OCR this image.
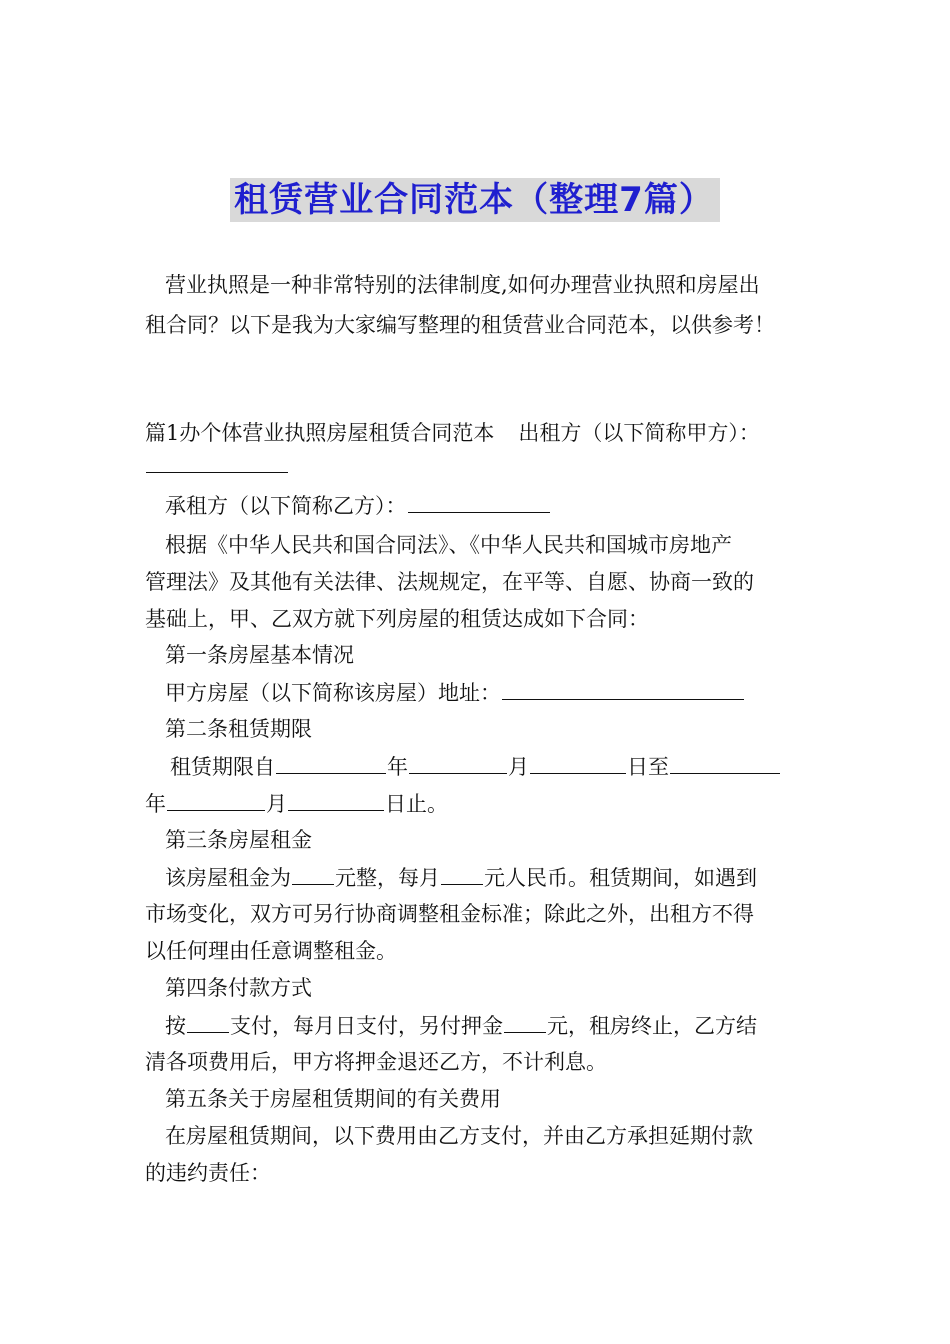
租赁营业合同范本（整理7篇）
营业执照是一种非常特别的法律制度,如何办理营业执照和房屋出
租合同？以下是我为大家编写整理的租赁营业合同范本，以供参考！
篇1办个体营业执照房屋租赁合同范本 出租方（以下简称甲方）：
承租方（以下简称乙方）：
根据《中华人民共和国合同法》、《中华人民共和国城市房地产
管理法》及其他有关法律、法规规定，在平等、自愿、协商一致的
基础上，甲、乙双方就下列房屋的租赁达成如下合同：
第一条房屋基本情况
甲方房屋（以下简称该房屋）地址：
第二条租赁期限
租赁期限自	年	月	日至
年	月	日止。
第三条房屋租金
该房屋租金为 元整，每月 元人民币。租赁期间，如遇到
市场变化，双方可另行协商调整租金标准；除此之外，出租方不得
以任何理由任意调整租金。
第四条付款方式
按 支付，每月日支付，另付押金 元，租房终止，乙方结
清各项费用后，甲方将押金退还乙方，不计利息。
第五条关于房屋租赁期间的有关费用
在房屋租赁期间，以下费用由乙方支付，并由乙方承担延期付款
的违约责任：
